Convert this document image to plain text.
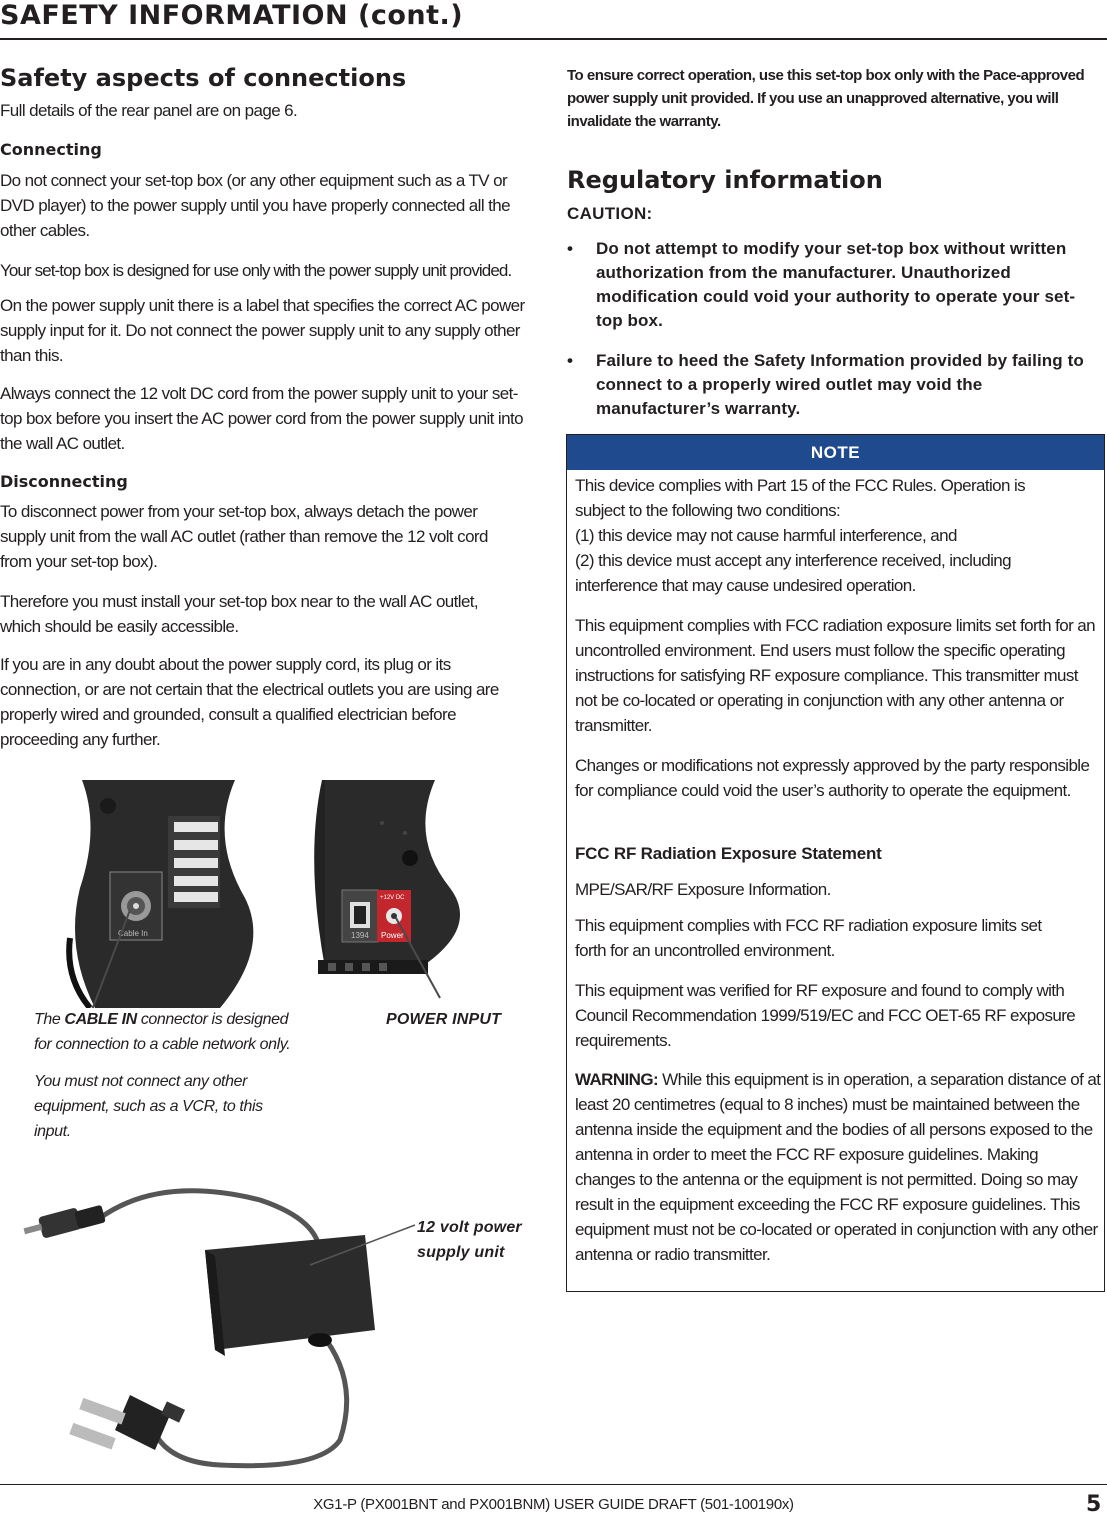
SAFETY INFORMATION (cont.)
Safety aspects of connections

Full details of the rear panel are on page 6.

Connecting

Do not connect your set-top box (or any other equipment such as a TV or DVD player) to the power supply until you have properly connected all the other cables.

Your set-top box is designed for use only with the power supply unit provided.

On the power supply unit there is a label that specifies the correct AC power supply input for it. Do not connect the power supply unit to any supply other than this.

Always connect the 12 volt DC cord from the power supply unit to your set-top box before you insert the AC power cord from the power supply unit into the wall AC outlet.

Disconnecting

To disconnect power from your set-top box, always detach the power supply unit from the wall AC outlet (rather than remove the 12 volt cord from your set-top box).

Therefore you must install your set-top box near to the wall AC outlet, which should be easily accessible.

If you are in any doubt about the power supply cord, its plug or its connection, or are not certain that the electrical outlets you are using are properly wired and grounded, consult a qualified electrician before proceeding any further.

Cable In	1394
+12V DC
Power
The CABLE IN connector is designed for connection to a cable network only.
You must not connect any other equipment, such as a VCR, to this input.
POWER INPUT
12 volt power supply unit

To ensure correct operation, use this set-top box only with the Pace-approved power supply unit provided. If you use an unapproved alternative, you will invalidate the warranty.

Regulatory information
CAUTION:
• Do not attempt to modify your set-top box without written authorization from the manufacturer. Unauthorized modification could void your authority to operate your set-top box.
• Failure to heed the Safety Information provided by failing to connect to a properly wired outlet may void the manufacturer’s warranty.
NOTE
This device complies with Part 15 of the FCC Rules. Operation is subject to the following two conditions:
(1) this device may not cause harmful interference, and
(2) this device must accept any interference received, including interference that may cause undesired operation.
This equipment complies with FCC radiation exposure limits set forth for an uncontrolled environment. End users must follow the specific operating instructions for satisfying RF exposure compliance. This transmitter must not be co-located or operating in conjunction with any other antenna or transmitter.
Changes or modifications not expressly approved by the party responsible for compliance could void the user’s authority to operate the equipment.
FCC RF Radiation Exposure Statement
MPE/SAR/RF Exposure Information.
This equipment complies with FCC RF radiation exposure limits set forth for an uncontrolled environment.
This equipment was verified for RF exposure and found to comply with Council Recommendation 1999/519/EC and FCC OET-65 RF exposure requirements.
WARNING: While this equipment is in operation, a separation distance of at least 20 centimetres (equal to 8 inches) must be maintained between the antenna inside the equipment and the bodies of all persons exposed to the antenna in order to meet the FCC RF exposure guidelines. Making changes to the antenna or the equipment is not permitted. Doing so may result in the equipment exceeding the FCC RF exposure guidelines. This equipment must not be co-located or operated in conjunction with any other antenna or radio transmitter.
XG1-P (PX001BNT and PX001BNM) USER GUIDE DRAFT (501-100190x)	5
